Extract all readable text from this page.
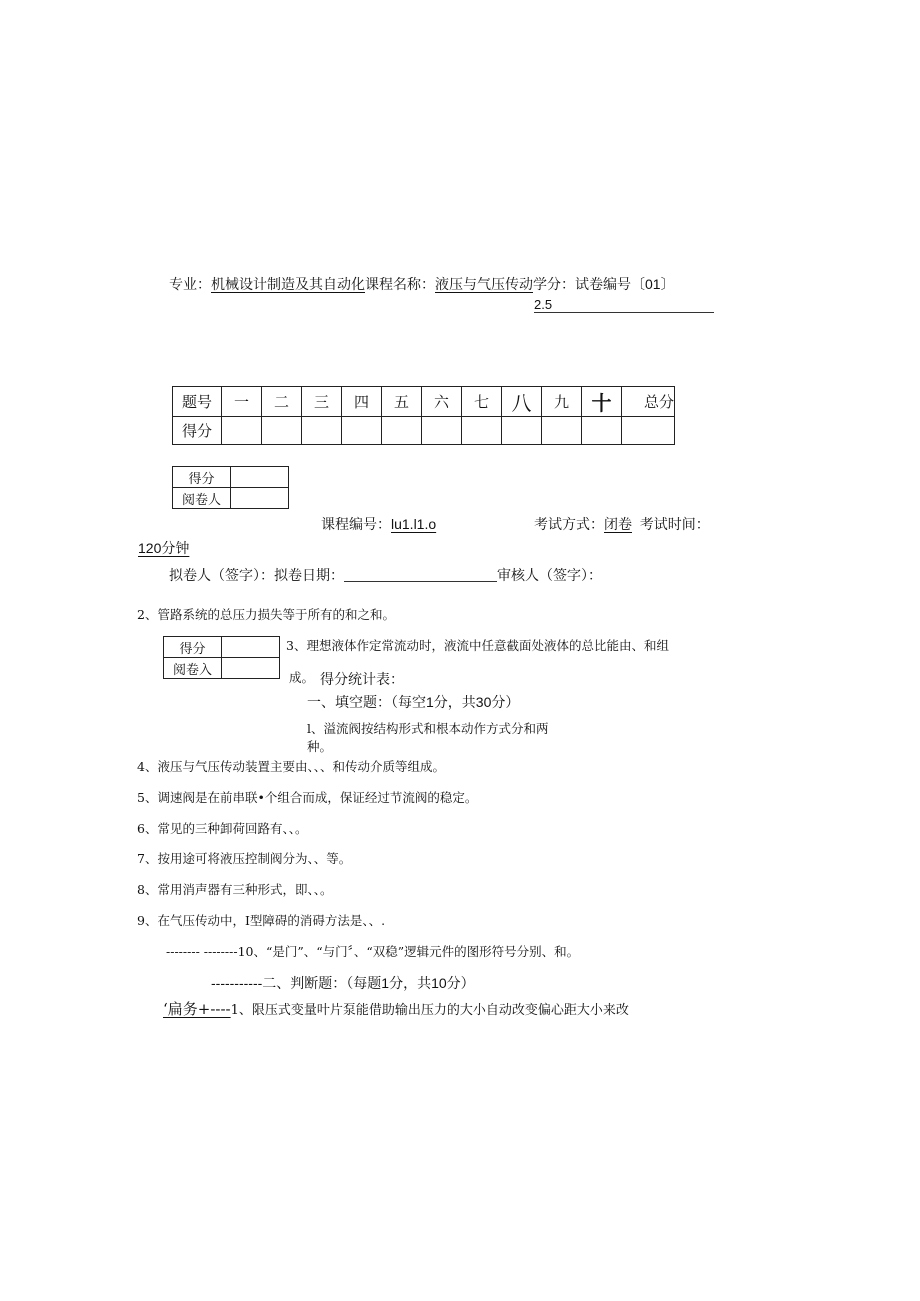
专业：机械设计制造及其自动化课程名称：液压与气压传动学分：试卷编号〔01〕
2.5
题号	一	二	三	四	五	六	七	八	九	十	总分
得分											
得分	
阅卷人	
课程编号：lu1.l1.o	考试方式：闭卷 考试时间：
120分钟
拟卷人（签字）：拟卷日期：	审核人（签字）：
2、管路系统的总压力损失等于所有的和之和。
得分	
阅卷入	
3、理想液体作定常流动时，液流中任意截面处液体的总比能由、和组
成。 得分统计表：
一、填空题：（每空1分，共30分）
l、溢流阀按结构形式和根本动作方式分和两
种。
4、液压与气压传动装置主要由、、、和传动介质等组成。
5、调速阀是在前串联•个组合而成，保证经过节流阀的稳定。
6、常见的三种卸荷回路有、、。
7、按用途可将液压控制阀分为、、等。
8、常用消声器有三种形式，即、、。
9、在气压传动中，I型障碍的消碍方法是、、.
-------- --------10、“是门”、“与门〞、“双稳”逻辑元件的图形符号分别、和。
-----------二、判断题：（每题1分，共10分）
‘扁务+----1、限压式变量叶片泵能借助输出压力的大小自动改变偏心距大小来改
